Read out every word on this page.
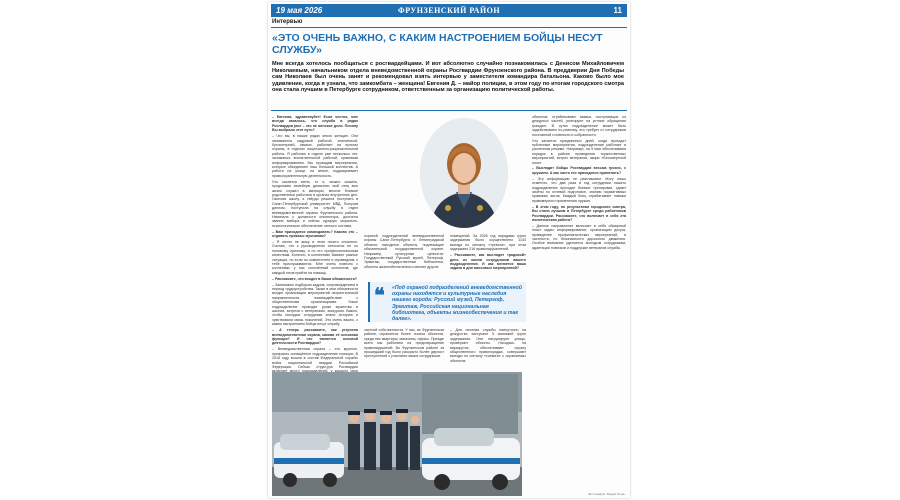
19 мая 2026	ФРУНЗЕНСКИЙ РАЙОН	11
Интервью
«ЭТО ОЧЕНЬ ВАЖНО, С КАКИМ НАСТРОЕНИЕМ БОЙЦЫ НЕСУТ СЛУЖБУ»
Мне всегда хотелось пообщаться с росгвардейцами. И вот абсолютно случайно познакомилась с Денисом Михайловичем Николаевым, начальником отдела вневедомственной охраны Росгвардии Фрунзенского района. В преддверии Дня Победы сам Николаев был очень занят и рекомендовал взять интервью у заместителя командира батальона. Каково было мое удивление, когда я узнала, что замкомбата – женщина! Евгения Д. – майор полиции, в этом году по итогам городского смотра она стала лучшим в Петербурге сотрудником, ответственным за организацию политической работы.

– Евгения, здравствуйте! Если честно, мне всегда казалось, что служба в рядах Росгвардии (все – это не женское дело. Почему Вы выбрали этот путь?

– Что вы, в наших рядах много женщин. Они занимаются кадровой работой, аналитикой, бухгалтерией, связью, работают на пультах охраны, в отделах лицензионно-разрешительной работы. Я работаю в отделе уже несколько лет, занимаюсь воспитательной работой, правовым информированием. Мы проводим мероприятия, которые объединяют наш большой коллектив. А работа на улице, на земле, подразумевает правоохранительную деятельность.

Что касается меня, то я, можно сказать, продолжаю семейную династию: мой отец всю жизнь служил в милиции, многие близкие родственники работали в органах внутренних дел. Окончив школу, я твёрдо решила поступать в Санкт-Петербургский университет МВД. Получив диплом, поступила на службу в отдел вневедомственной охраны Фрунзенского района. Начинала с должности инспектора, достигла звания майора и сейчас курирую морально-психологическое обеспечение личного состава.

– Вам приходится командовать? Каково это – отдавать приказы мужчинам?

– Я лично не вижу в этом ничего сложного. Считаю, что к руководителю относятся не по половому признаку, а по его профессиональным качествам. Конечно, в коллективе бывают разные ситуации, но если ты компетентен и справедлив, к тебе прислушиваются. Мне очень повезло с коллегами: у нас сплочённый коллектив, где каждый готов прийти на помощь.

– Расскажите, что входит в Ваши обязанности?

– Занимаюсь подбором кадров, сопровождением в период трудоустройства. Также в мои обязанности входит организация мероприятий патриотической направленности, взаимодействие с общественными организациями. Наше подразделение проводит уроки мужества в школах, встречи с ветеранами, экскурсии. Важно, чтобы молодые сотрудники знали историю и чувствовали связь поколений. Это очень важно, с каким настроением бойцы несут службу.

– А теперь расскажите, как устроена вневедомственная охрана, какова её основная функция? И что является основой деятельности Росгвардии?

– Вневедомственная охрана – это крупное, прекрасно оснащённое подразделение полиции. В 2016 году вошла в состав Федеральной службы войск национальной гвардии Российской Федерации. Сейчас структура Росгвардии

охраной подразделений вневедомственной охраны Санкт-Петербурга и Ленинградской области находятся объекты, подлежащие обязательной государственной охране. Например, культурные ценности: Государственный Русский музей, Петергоф, Эрмитаж, государственные библиотеки, объекты жизнеобеспечения и многие другие.

частной собственности. У нас, во Фрунзенском районе, охраняется более тысячи объектов, среди них квартиры, магазины, офисы. Прежде всего мы работаем на предотвращение правонарушений. Во Фрунзенском районе за прошедший год было раскрыто более двухсот преступлений с участием наших сотрудников.

помещений. За 2026 год нарядами групп задержания было осуществлено 1143 выезда по сигналу «тревога», при этом задержано 216 правонарушителей.

– Расскажите, как выглядит «рядовой» день из жизни сотрудников вашего подразделения. И как меняется ваша задача в дни массовых мероприятий?

– Для несения службы ежесуточно на дежурство заступают 5 экипажей групп задержания. Они патрулируют улицы, проверяют объекты. Находясь на маршрутах, обеспечивают охрану общественного правопорядка, совершают выезды по сигналу «тревога» с охраняемых объектов.

❝ «Под охраной подразделений вневедомственной охраны находятся и культурные наследия нашего города: Русский музей, Петергоф, Эрмитаж, Российская национальная библиотека, объекты жизнеобеспечения и так далее».

объектов, отрабатывают заявки, поступающие из дежурных частей, реагируют на устные обращения граждан. В сутки подразделение может быть задействовано по-разному, это требует от сотрудников постоянной готовности и собранности.

Что касается праздничных дней, когда проходят публичные мероприятия, подразделение работает в усиленном режиме. Например, на 9 мая обеспечиваем порядок в районе проведения торжественных мероприятий, встреч ветеранов, акции «Бессмертный полк».

– Выглядит бойцы Росгвардии весьма грозно, с оружием. А как часто его приходится применять?

– Эту информацию не разглашаем. Могу лишь отметить, что два раза в год сотрудники нашего подразделения проходят боевые тренировки, сдают зачёты по огневой подготовке, знанию нормативных правовых актов. Каждый боец отрабатывает навыки правомерного применения оружия.

– В этом году, по результатам городского смотра, Вы стали лучшим в Петербурге среди работников Росгвардии. Расскажите, что включает в себя эта политическая работа?

– Данное направление включает в себя обширный пласт задач: информирование, организацию досуга, проведение профилактических мероприятий, в частности, по безопасности дорожного движения. Особое внимание уделяется молодым сотрудникам, адаптации новичков и поддержке ветеранов службы.

Фотографии: Вадим Игорь
